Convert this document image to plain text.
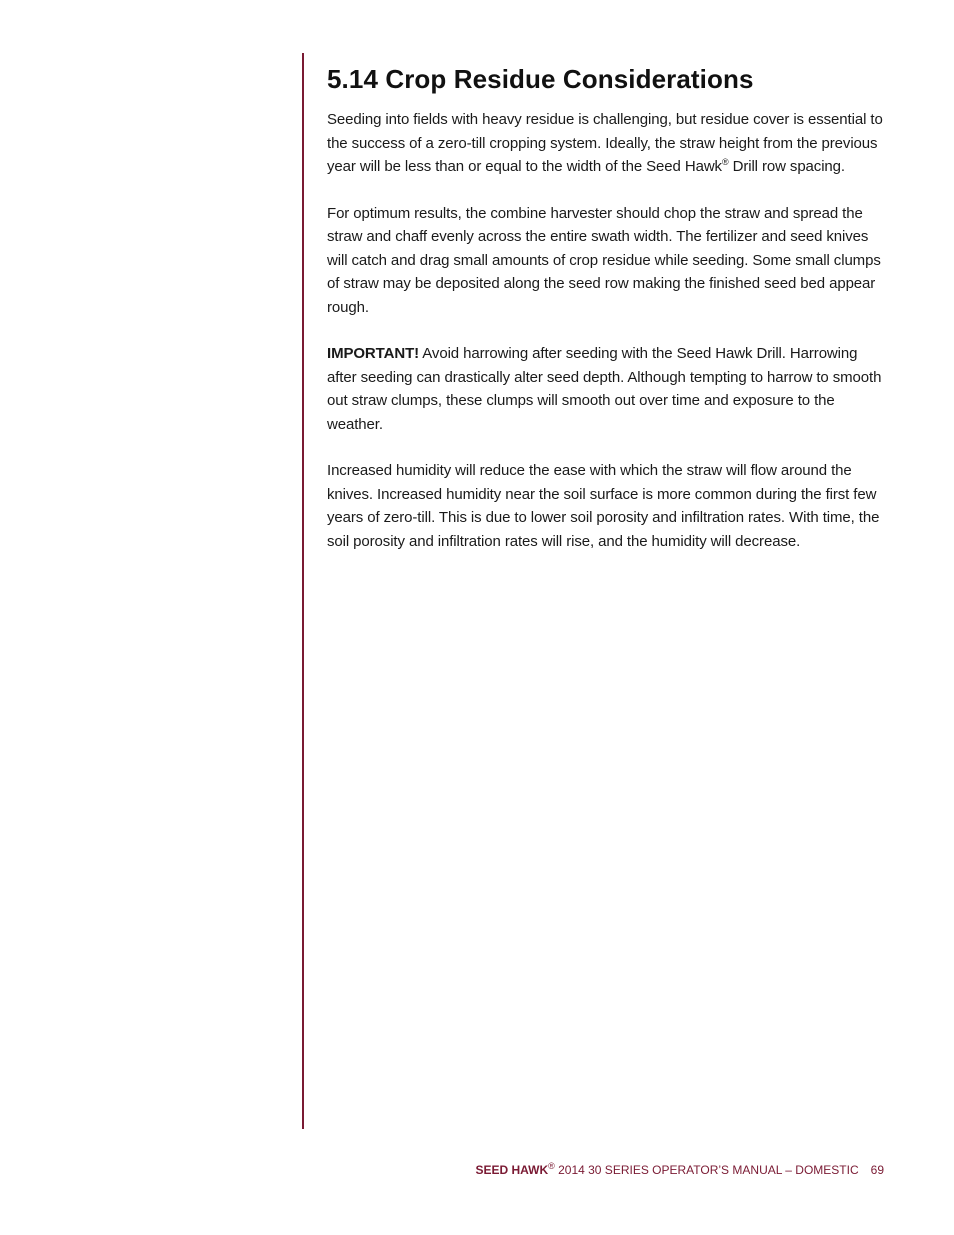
5.14 Crop Residue Considerations

Seeding into fields with heavy residue is challenging, but residue cover is essential to the success of a zero-till cropping system. Ideally, the straw height from the previous year will be less than or equal to the width of the Seed Hawk® Drill row spacing.

For optimum results, the combine harvester should chop the straw and spread the straw and chaff evenly across the entire swath width. The fertilizer and seed knives will catch and drag small amounts of crop residue while seeding. Some small clumps of straw may be deposited along the seed row making the finished seed bed appear rough.

IMPORTANT! Avoid harrowing after seeding with the Seed Hawk Drill. Harrowing after seeding can drastically alter seed depth. Although tempting to harrow to smooth out straw clumps, these clumps will smooth out over time and exposure to the weather.

Increased humidity will reduce the ease with which the straw will flow around the knives. Increased humidity near the soil surface is more common during the first few years of zero-till. This is due to lower soil porosity and infiltration rates. With time, the soil porosity and infiltration rates will rise, and the humidity will decrease.

SEED HAWK® 2014 30 SERIES OPERATOR’S MANUAL – DOMESTIC 69
